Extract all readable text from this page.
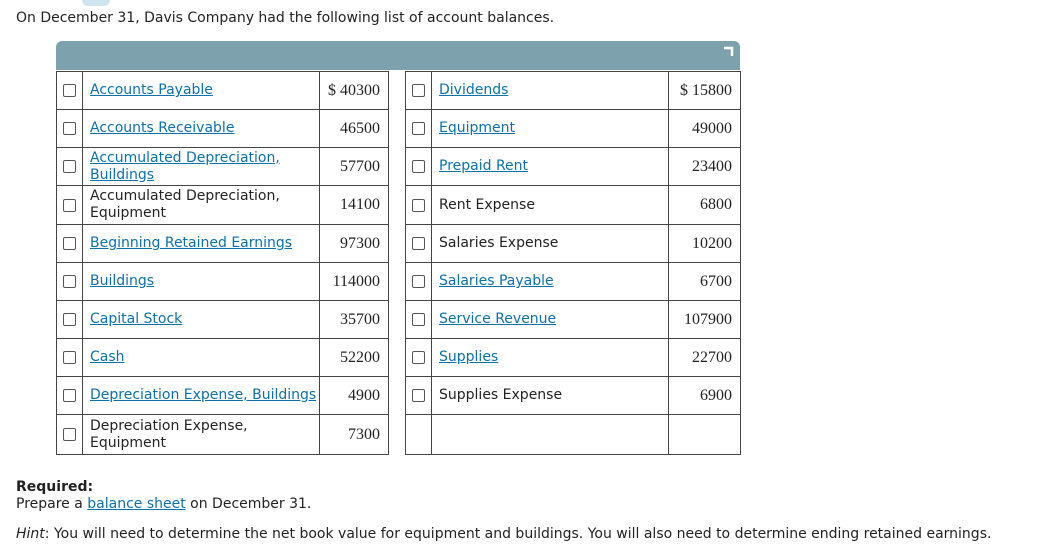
On December 31, Davis Company had the following list of account balances.
	Accounts Payable	$ 40300
	Accounts Receivable	46500
	Accumulated Depreciation, Buildings	57700
	Accumulated Depreciation, Equipment	14100
	Beginning Retained Earnings	97300
	Buildings	114000
	Capital Stock	35700
	Cash	52200
	Depreciation Expense, Buildings	4900
	Depreciation Expense, Equipment	7300
	Dividends	$ 15800
	Equipment	49000
	Prepaid Rent	23400
	Rent Expense	6800
	Salaries Expense	10200
	Salaries Payable	6700
	Service Revenue	107900
	Supplies	22700
	Supplies Expense	6900

Required:
Prepare a balance sheet on December 31.
Hint: You will need to determine the net book value for equipment and buildings. You will also need to determine ending retained earnings.
